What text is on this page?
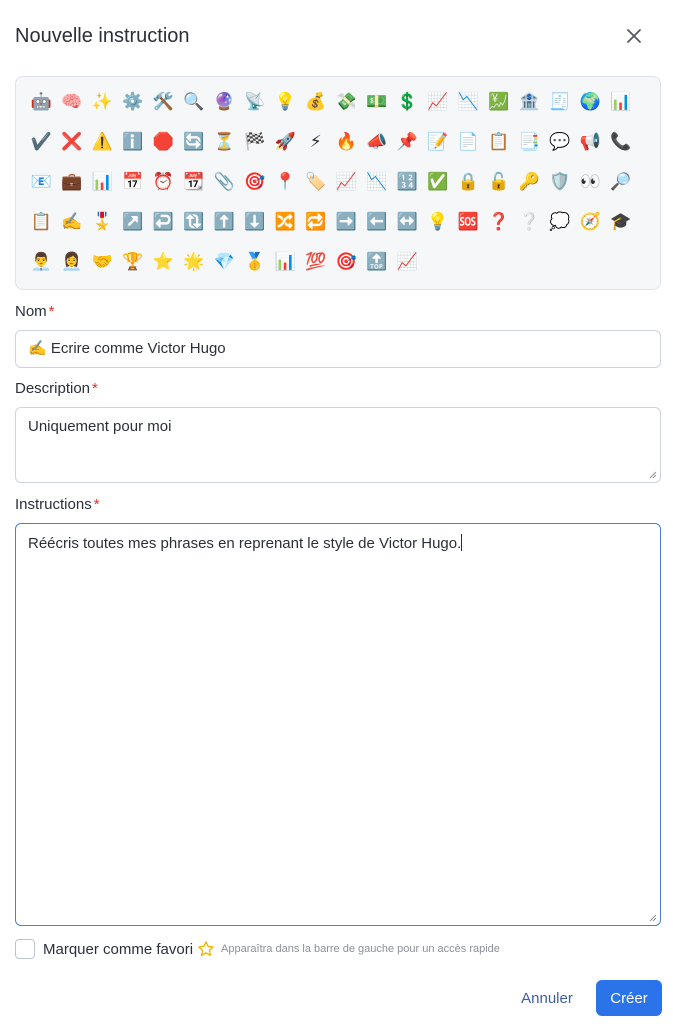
Nouvelle instruction
🤖 🧠 ✨ ⚙️ 🛠️ 🔍 🔮 📡 💡 💰 💸 💵 💲 📈 📉 💹 🏦 🧾 🌍 📊
✔️ ❌ ⚠️ ℹ️ 🛑 🔄 ⏳ 🏁 🚀 ⚡ 🔥 📣 📌 📝 📄 📋 📑 💬 📢 📞
📧 💼 📊 📅 ⏰ 📆 📎 🎯 📍 🏷️ 📈 📉 🔢 ✅ 🔒 🔓 🔑 🛡️ 👀 🔎
📋 ✍️ 🎖️ ↗️ ↩️ 🔃 ⬆️ ⬇️ 🔀 🔁 ➡️ ⬅️ ↔️ 💡 🆘 ❓ ❔ 💭 🧭 🎓
👨‍💼 👩‍💼 🤝 🏆 ⭐ 🌟 💎 🥇 📊 💯 🎯 🔝 📈
Nom *
✍️ Ecrire comme Victor Hugo
Description *
Uniquement pour moi
Instructions *
Réécris toutes mes phrases en reprenant le style de Victor Hugo.
Marquer comme favori	Apparaîtra dans la barre de gauche pour un accès rapide
Annuler	Créer
